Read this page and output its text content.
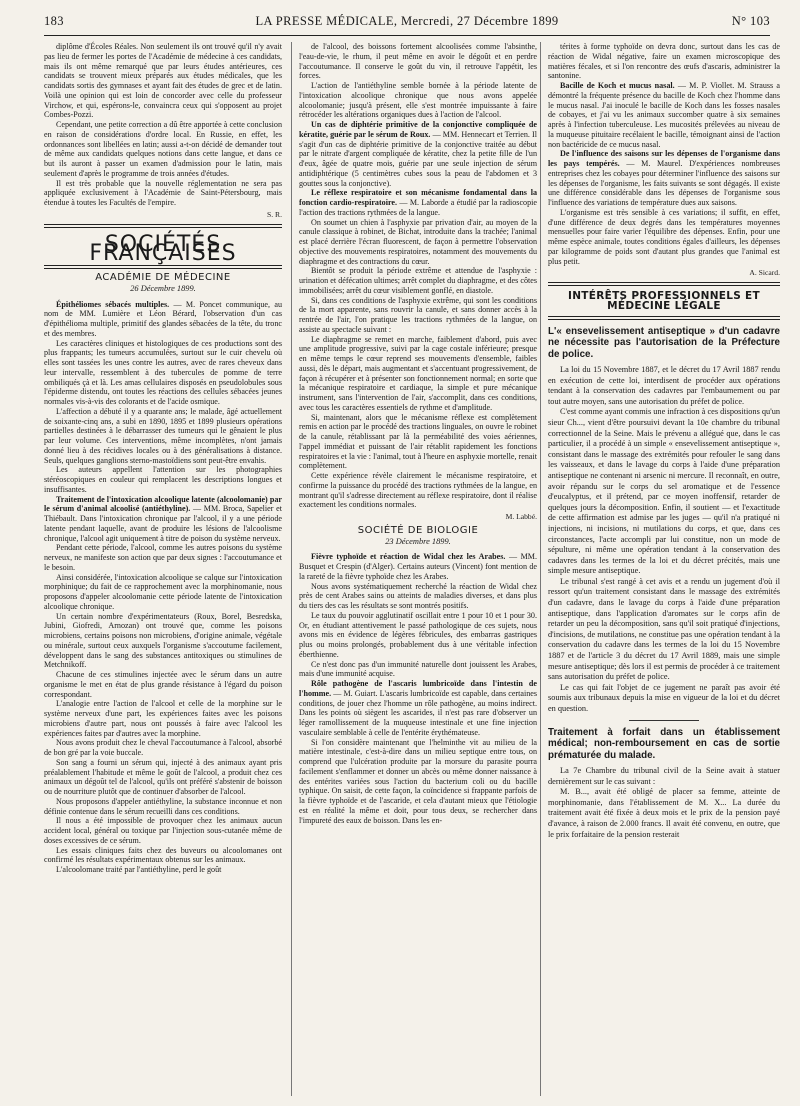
183	LA PRESSE MÉDICALE, Mercredi, 27 Décembre 1899	N° 103

diplôme d'Écoles Réales. Non seulement ils ont trouvé qu'il n'y avait pas lieu de fermer les portes de l'Académie de médecine à ces candidats, mais ils ont même remarqué que par leurs études antérieures, ces candidats se trouvent mieux préparés aux études médicales, que les candidats sortis des gymnases et ayant fait des études de grec et de latin. Voilà une opinion qui est loin de concorder avec celle du professeur Virchow, et qui, espérons-le, convaincra ceux qui s'opposent au projet Combes-Pozzi.

Cependant, une petite correction a dû être apportée à cette conclusion en raison de considérations d'ordre local. En Russie, en effet, les ordonnances sont libellées en latin; aussi a-t-on décidé de demander tout de même aux candidats quelques notions dans cette langue, et dans ce but ils auront à passer un examen d'admission pour le latin, mais seulement d'après le programme de trois années d'études.

Il est très probable que la nouvelle réglementation ne sera pas appliquée exclusivement à l'Académie de Saint-Pétersbourg, mais étendue à toutes les Facultés de l'empire.

S. R.
SOCIÉTÉS FRANÇAISES
ACADÉMIE DE MÉDECINE
26 Décembre 1899.

Épithéliomes sébacés multiples. — M. Poncet communique, au nom de MM. Lumière et Léon Bérard, l'observation d'un cas d'épithélioma multiple, primitif des glandes sébacées de la tête, du tronc et des membres.

Les caractères cliniques et histologiques de ces productions sont des plus frappants; les tumeurs accumulées, surtout sur le cuir chevelu où elles sont tassées les unes contre les autres, avec de rares cheveux dans leur intervalle, ressemblent à des tubercules de pomme de terre ombiliqués çà et là. Les amas cellulaires disposés en pseudolobules sous l'épiderme distendu, ont toutes les réactions des cellules sébacées jeunes normales vis-à-vis des colorants et de l'acide osmique.

L'affection a débuté il y a quarante ans; le malade, âgé actuellement de soixante-cinq ans, a subi en 1890, 1895 et 1899 plusieurs opérations partielles destinées à le débarrasser des tumeurs qui le gênaient le plus par leur volume. Ces interventions, même incomplètes, n'ont jamais donné lieu à des récidives locales ou à des généralisations à distance. Seuls, quelques ganglions sterno-mastoïdiens sont peut-être envahis.

Les auteurs appellent l'attention sur les photographies stéréoscopiques en couleur qui remplacent les descriptions longues et insuffisantes.

Traitement de l'intoxication alcoolique latente (alcoolomanie) par le sérum d'animal alcoolisé (antiéthyline). — MM. Broca, Sapelier et Thiébault. Dans l'intoxication chronique par l'alcool, il y a une période latente pendant laquelle, avant de produire les lésions de l'alcoolisme chronique, l'alcool agit uniquement à titre de poison du système nerveux.

Pendant cette période, l'alcool, comme les autres poisons du système nerveux, ne manifeste son action que par deux signes : l'accoutumance et le besoin.

Ainsi considérée, l'intoxication alcoolique se calque sur l'intoxication morphinique; du fait de ce rapprochement avec la morphinomanie, nous proposons d'appeler alcoolomanie cette période latente de l'intoxication alcoolique chronique.

Un certain nombre d'expérimentateurs (Roux, Borel, Besredska, Jubini, Giofredi, Arnozan) ont trouvé que, comme les poisons microbiens, certains poisons non microbiens, d'origine animale, végétale ou minérale, surtout ceux auxquels l'organisme s'accoutume facilement, développent dans le sang des substances antitoxiques ou stimulines de Metchnikoff.

Chacune de ces stimulines injectée avec le sérum dans un autre organisme le met en état de plus grande résistance à l'égard du poison correspondant.

L'analogie entre l'action de l'alcool et celle de la morphine sur le système nerveux d'une part, les expériences faites avec les poisons microbiens d'autre part, nous ont poussés à faire avec l'alcool les expériences faites par d'autres avec la morphine.

Nous avons produit chez le cheval l'accoutumance à l'alcool, absorbé de bon gré par la voie buccale.

Son sang a fourni un sérum qui, injecté à des animaux ayant pris préalablement l'habitude et même le goût de l'alcool, a produit chez ces animaux un dégoût tel de l'alcool, qu'ils ont préféré s'abstenir de boisson ou de nourriture plutôt que de continuer d'absorber de l'alcool.

Nous proposons d'appeler antiéthyline, la substance inconnue et non définie contenue dans le sérum recueilli dans ces conditions.

Il nous a été impossible de provoquer chez les animaux aucun accident local, général ou toxique par l'injection sous-cutanée même de doses excessives de ce sérum.

Les essais cliniques faits chez des buveurs ou alcoolomanes ont confirmé les résultats expérimentaux obtenus sur les animaux.

L'alcoolomane traité par l'antiéthyline, perd le goût

de l'alcool, des boissons fortement alcoolisées comme l'absinthe, l'eau-de-vie, le rhum, il peut même en avoir le dégoût et en perdre l'accoutumance. Il conserve le goût du vin, il retrouve l'appétit, les forces.

L'action de l'antiéthyline semble bornée à la période latente de l'intoxication alcoolique chronique que nous avons appelée alcoolomanie; jusqu'à présent, elle s'est montrée impuissante à faire rétrocéder les altérations organiques dues à l'action de l'alcool.

Un cas de diphtérie primitive de la conjonctive compliquée de kératite, guérie par le sérum de Roux. — MM. Hennecart et Terrien. Il s'agit d'un cas de diphtérie primitive de la conjonctive traitée au début par le nitrate d'argent compliquée de kératite, chez la petite fille de l'un d'eux, âgée de quatre mois, guérie par une seule injection de sérum antidiphtérique (5 centimètres cubes sous la peau de l'abdomen et 3 gouttes sous la conjonctive).

Le réflexe respiratoire et son mécanisme fondamental dans la fonction cardio-respiratoire. — M. Laborde a étudié par la radioscopie l'action des tractions rythmées de la langue.

On soumet un chien à l'asphyxie par privation d'air, au moyen de la canule classique à robinet, de Bichat, introduite dans la trachée; l'animal est placé derrière l'écran fluorescent, de façon à permettre l'observation objective des mouvements respiratoires, notamment des mouvements du diaphragme et des contractions du cœur.

Bientôt se produit la période extrême et attendue de l'asphyxie : urination et défécation ultimes; arrêt complet du diaphragme, et des côtes immobilisées; arrêt du cœur visiblement gonflé, en diastole.

Si, dans ces conditions de l'asphyxie extrême, qui sont les conditions de la mort apparente, sans rouvrir la canule, et sans donner accès à la rentrée de l'air, l'on pratique les tractions rythmées de la langue, on assiste au spectacle suivant :

Le diaphragme se remet en marche, faiblement d'abord, puis avec une amplitude progressive, suivi par la cage costale inférieure; presque en même temps le cœur reprend ses mouvements d'ensemble, faibles aussi, dès le départ, mais augmentant et s'accentuant progressivement, de façon à récupérer et à présenter son fonctionnement normal; en sorte que la mécanique respiratoire et cardiaque, la simple et pure mécanique instrument, sans l'intervention de l'air, s'accomplit, dans ces conditions, avec tous les caractères essentiels de rythme et d'amplitude.

Si, maintenant, alors que le mécanisme réflexe est complètement remis en action par le procédé des tractions linguales, on ouvre le robinet de la canule, rétablissant par là la perméabilité des voies aériennes, l'appel immédiat et puissant de l'air rétablit rapidement les fonctions respiratoires et la vie : l'animal, tout à l'heure en asphyxie mortelle, renait complètement.

Cette expérience révèle clairement le mécanisme respiratoire, et confirme la puissance du procédé des tractions rythmées de la langue, en montrant qu'il s'adresse directement au réflexe respiratoire, dont il réalise exactement les conditions normales.

M. Labbé.
SOCIÉTÉ DE BIOLOGIE
23 Décembre 1899.

Fièvre typhoïde et réaction de Widal chez les Arabes. — MM. Busquet et Crespin (d'Alger). Certains auteurs (Vincent) font mention de la rareté de la fièvre typhoïde chez les Arabes.

Nous avons systématiquement recherché la réaction de Widal chez près de cent Arabes sains ou atteints de maladies diverses, et dans plus du tiers des cas les résultats se sont montrés positifs.

Le taux du pouvoir agglutinatif oscillait entre 1 pour 10 et 1 pour 30. Or, en étudiant attentivement le passé pathologique de ces sujets, nous avons mis en évidence de légères fébricules, des embarras gastriques plus ou moins prolongés, probablement dus à une véritable infection éberthienne.

Ce n'est donc pas d'un immunité naturelle dont jouissent les Arabes, mais d'une immunité acquise.

Rôle pathogène de l'ascaris lumbricoïde dans l'intestin de l'homme. — M. Guiart. L'ascaris lumbricoïde est capable, dans certaines conditions, de jouer chez l'homme un rôle pathogène, au moins indirect. Dans les points où siègent les ascarides, il n'est pas rare d'observer un léger ramollissement de la muqueuse intestinale et une fine injection vasculaire semblable à celle de l'entérite érythémateuse.

Si l'on considère maintenant que l'helminthe vit au milieu de la matière intestinale, c'est-à-dire dans un milieu septique entre tous, on comprend que l'ulcération produite par la morsure du parasite pourra facilement s'enflammer et donner un abcès ou même donner naissance à des entérites variées sous l'action du bacterium coli ou du bacille typhique. On saisit, de cette façon, la coïncidence si frappante parfois de la fièvre typhoïde et de l'ascaride, et cela d'autant mieux que l'étiologie est en réalité la même et doit, pour tous deux, se rechercher dans l'impureté des eaux de boisson. Dans les en-

térites à forme typhoïde on devra donc, surtout dans les cas de réaction de Widal négative, faire un examen microscopique des matières fécales, et si l'on rencontre des œufs d'ascaris, administrer la santonine.

Bacille de Koch et mucus nasal. — M. P. Viollet. M. Strauss a démontré la fréquente présence du bacille de Koch chez l'homme dans le mucus nasal. J'ai inoculé le bacille de Koch dans les fosses nasales de cobayes, et j'ai vu les animaux succomber quatre à six semaines après à l'infection tuberculeuse. Les mucosités prélevées au niveau de la muqueuse pituitaire recélaient le bacille, témoignant ainsi de l'action non bactéricide de ce mucus nasal.

De l'influence des saisons sur les dépenses de l'organisme dans les pays tempérés. — M. Maurel. D'expériences nombreuses entreprises chez les cobayes pour déterminer l'influence des saisons sur les dépenses de l'organisme, les faits suivants se sont dégagés. Il existe une différence considérable dans les dépenses de l'organisme sous l'influence des variations de température dues aux saisons.

L'organisme est très sensible à ces variations; il suffit, en effet, d'une différence de deux degrés dans les températures moyennes mensuelles pour faire varier l'équilibre des dépenses. Enfin, pour une même espèce animale, toutes conditions égales d'ailleurs, les dépenses par kilogramme de poids sont d'autant plus grandes que l'animal est plus petit.

A. Sicard.
INTÉRÊTS PROFESSIONNELS ET MÉDECINE LÉGALE
L'« ensevelissement antiseptique » d'un cadavre ne nécessite pas l'autorisation de la Préfecture de police.

La loi du 15 Novembre 1887, et le décret du 17 Avril 1887 rendu en exécution de cette loi, interdisent de procéder aux opérations tendant à la conservation des cadavres par l'embaumement ou par tout autre moyen, sans une autorisation du préfet de police.

C'est comme ayant commis une infraction à ces dispositions qu'un sieur Ch..., vient d'être poursuivi devant la 10e chambre du tribunal correctionnel de la Seine. Mais le prévenu a allégué que, dans le cas particulier, il a procédé à un simple « ensevelissement antiseptique », consistant dans le massage des extrémités pour refouler le sang dans les vaisseaux, et dans le lavage du corps à l'aide d'une préparation antiseptique ne contenant ni arsenic ni mercure. Il reconnaît, en outre, avoir répandu sur le corps du sel aromatique et de l'essence d'eucalyptus, et il prétend, par ce moyen inoffensif, retarder de quelques jours la décomposition. Enfin, il soutient — et l'exactitude de cette affirmation est admise par les juges — qu'il n'a pratiqué ni injections, ni incisions, ni mutilations du corps, et que, dans ces circonstances, l'acte accompli par lui constitue, non un mode de sépulture, ni même une opération tendant à la conservation des cadavres dans les termes de la loi et du décret précités, mais une simple mesure antiseptique.

Le tribunal s'est rangé à cet avis et a rendu un jugement d'où il ressort qu'un traitement consistant dans le massage des extrémités d'un cadavre, dans le lavage du corps à l'aide d'une préparation antiseptique, dans l'application d'aromates sur le corps afin de retarder un peu la décomposition, sans qu'il soit pratiqué d'injections, d'incisions, de mutilations, ne constitue pas une opération tendant à la conservation du cadavre dans les termes de la loi du 15 Novembre 1887 et de l'article 3 du décret du 17 Avril 1889, mais une simple mesure antiseptique; dès lors il est permis de procéder à ce traitement sans autorisation du préfet de police.

Le cas qui fait l'objet de ce jugement ne paraît pas avoir été soumis aux tribunaux depuis la mise en vigueur de la loi et du décret en question.

Traitement à forfait dans un établissement médical; non-remboursement en cas de sortie prématurée du malade.

La 7e Chambre du tribunal civil de la Seine avait à statuer dernièrement sur le cas suivant :

M. B..., avait été obligé de placer sa femme, atteinte de morphinomanie, dans l'établissement de M. X... La durée du traitement avait été fixée à deux mois et le prix de la pension payé d'avance, à raison de 2.000 francs. Il avait été convenu, en outre, que le prix forfaitaire de la pension resterait
